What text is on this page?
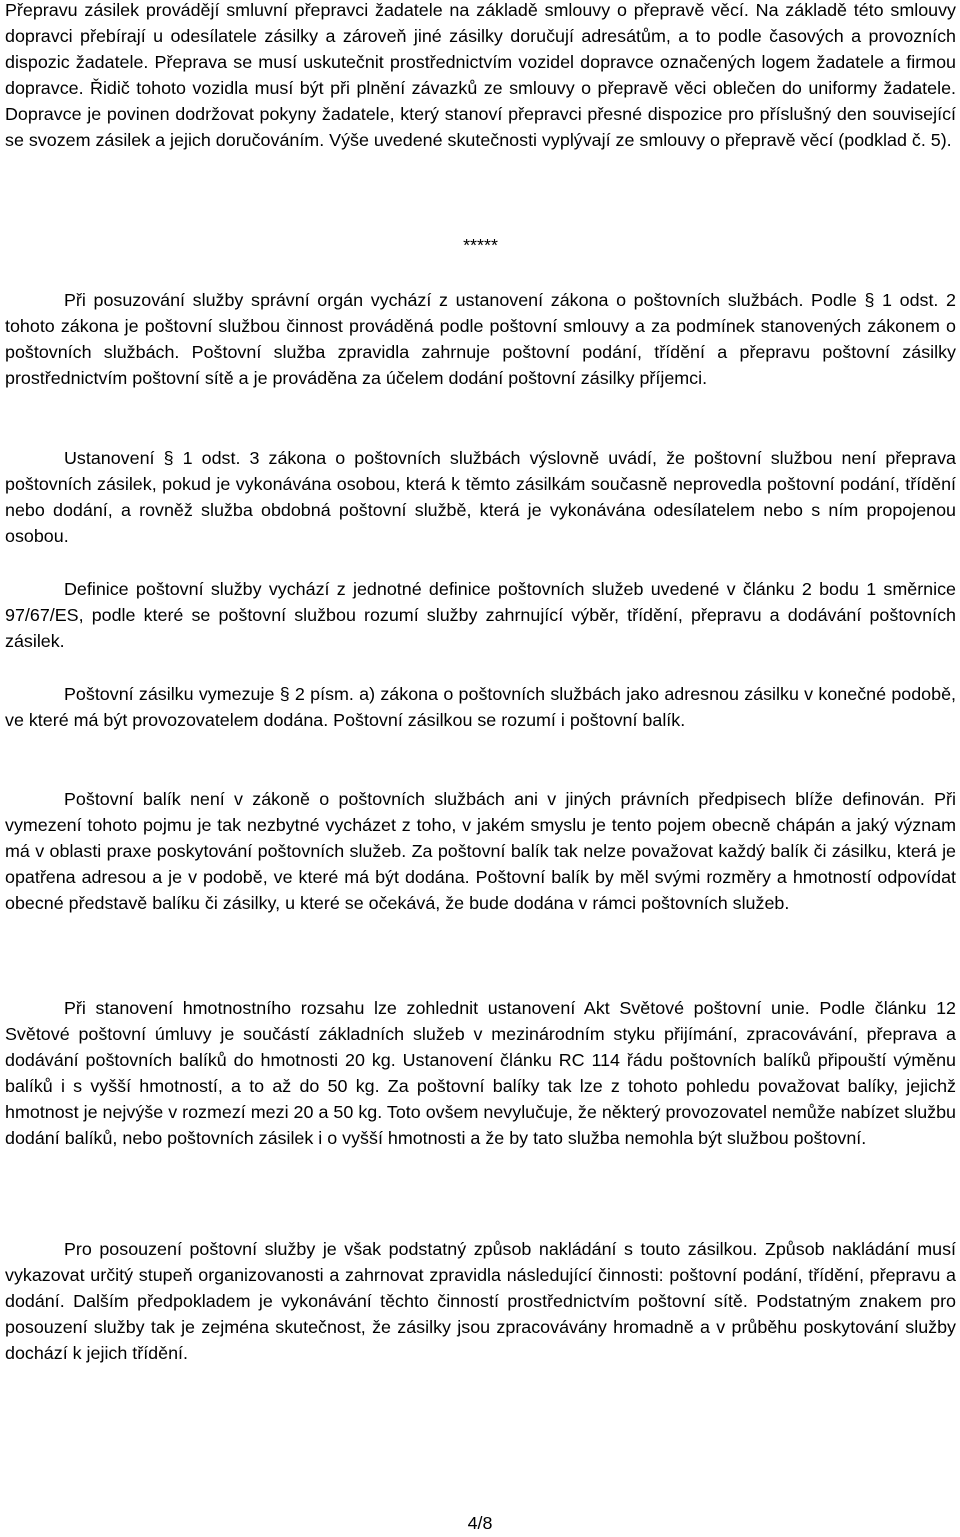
Přepravu zásilek provádějí smluvní přepravci žadatele na základě smlouvy o přepravě věcí. Na základě této smlouvy dopravci přebírají u odesílatele zásilky a zároveň jiné zásilky doručují adresátům, a to podle časových a provozních dispozic žadatele. Přeprava se musí uskutečnit prostřednictvím vozidel dopravce označených logem žadatele a firmou dopravce. Řidič tohoto vozidla musí být při plnění závazků ze smlouvy o přepravě věci oblečen do uniformy žadatele. Dopravce je povinen dodržovat pokyny žadatele, který stanoví přepravci přesné dispozice pro příslušný den související se svozem zásilek a jejich doručováním. Výše uvedené skutečnosti vyplývají ze smlouvy o přepravě věcí (podklad č. 5).

*****

Při posuzování služby správní orgán vychází z ustanovení zákona o poštovních službách. Podle § 1 odst. 2 tohoto zákona je poštovní službou činnost prováděná podle poštovní smlouvy a za podmínek stanovených zákonem o poštovních službách. Poštovní služba zpravidla zahrnuje poštovní podání, třídění a přepravu poštovní zásilky prostřednictvím poštovní sítě a je prováděna za účelem dodání poštovní zásilky příjemci.

Ustanovení § 1 odst. 3 zákona o poštovních službách výslovně uvádí, že poštovní službou není přeprava poštovních zásilek, pokud je vykonávána osobou, která k těmto zásilkám současně neprovedla poštovní podání, třídění nebo dodání, a rovněž služba obdobná poštovní službě, která je vykonávána odesílatelem nebo s ním propojenou osobou.

Definice poštovní služby vychází z jednotné definice poštovních služeb uvedené v článku 2 bodu 1 směrnice 97/67/ES, podle které se poštovní službou rozumí služby zahrnující výběr, třídění, přepravu a dodávání poštovních zásilek.

Poštovní zásilku vymezuje § 2 písm. a) zákona o poštovních službách jako adresnou zásilku v konečné podobě, ve které má být provozovatelem dodána. Poštovní zásilkou se rozumí i poštovní balík.

Poštovní balík není v zákoně o poštovních službách ani v jiných právních předpisech blíže definován. Při vymezení tohoto pojmu je tak nezbytné vycházet z toho, v jakém smyslu je tento pojem obecně chápán a jaký význam má v oblasti praxe poskytování poštovních služeb. Za poštovní balík tak nelze považovat každý balík či zásilku, která je opatřena adresou a je v podobě, ve které má být dodána. Poštovní balík by měl svými rozměry a hmotností odpovídat obecné představě balíku či zásilky, u které se očekává, že bude dodána v rámci poštovních služeb.

Při stanovení hmotnostního rozsahu lze zohlednit ustanovení Akt Světové poštovní unie. Podle článku 12 Světové poštovní úmluvy je součástí základních služeb v mezinárodním styku přijímání, zpracovávání, přeprava a dodávání poštovních balíků do hmotnosti 20 kg. Ustanovení článku RC 114 řádu poštovních balíků připouští výměnu balíků i s vyšší hmotností, a to až do 50 kg. Za poštovní balíky tak lze z tohoto pohledu považovat balíky, jejichž hmotnost je nejvýše v rozmezí mezi 20 a 50 kg. Toto ovšem nevylučuje, že některý provozovatel nemůže nabízet službu dodání balíků, nebo poštovních zásilek i o vyšší hmotnosti a že by tato služba nemohla být službou poštovní.

Pro posouzení poštovní služby je však podstatný způsob nakládání s touto zásilkou. Způsob nakládání musí vykazovat určitý stupeň organizovanosti a zahrnovat zpravidla následující činnosti: poštovní podání, třídění, přepravu a dodání. Dalším předpokladem je vykonávání těchto činností prostřednictvím poštovní sítě. Podstatným znakem pro posouzení služby tak je zejména skutečnost, že zásilky jsou zpracovávány hromadně a v průběhu poskytování služby dochází k jejich třídění.

4/8
